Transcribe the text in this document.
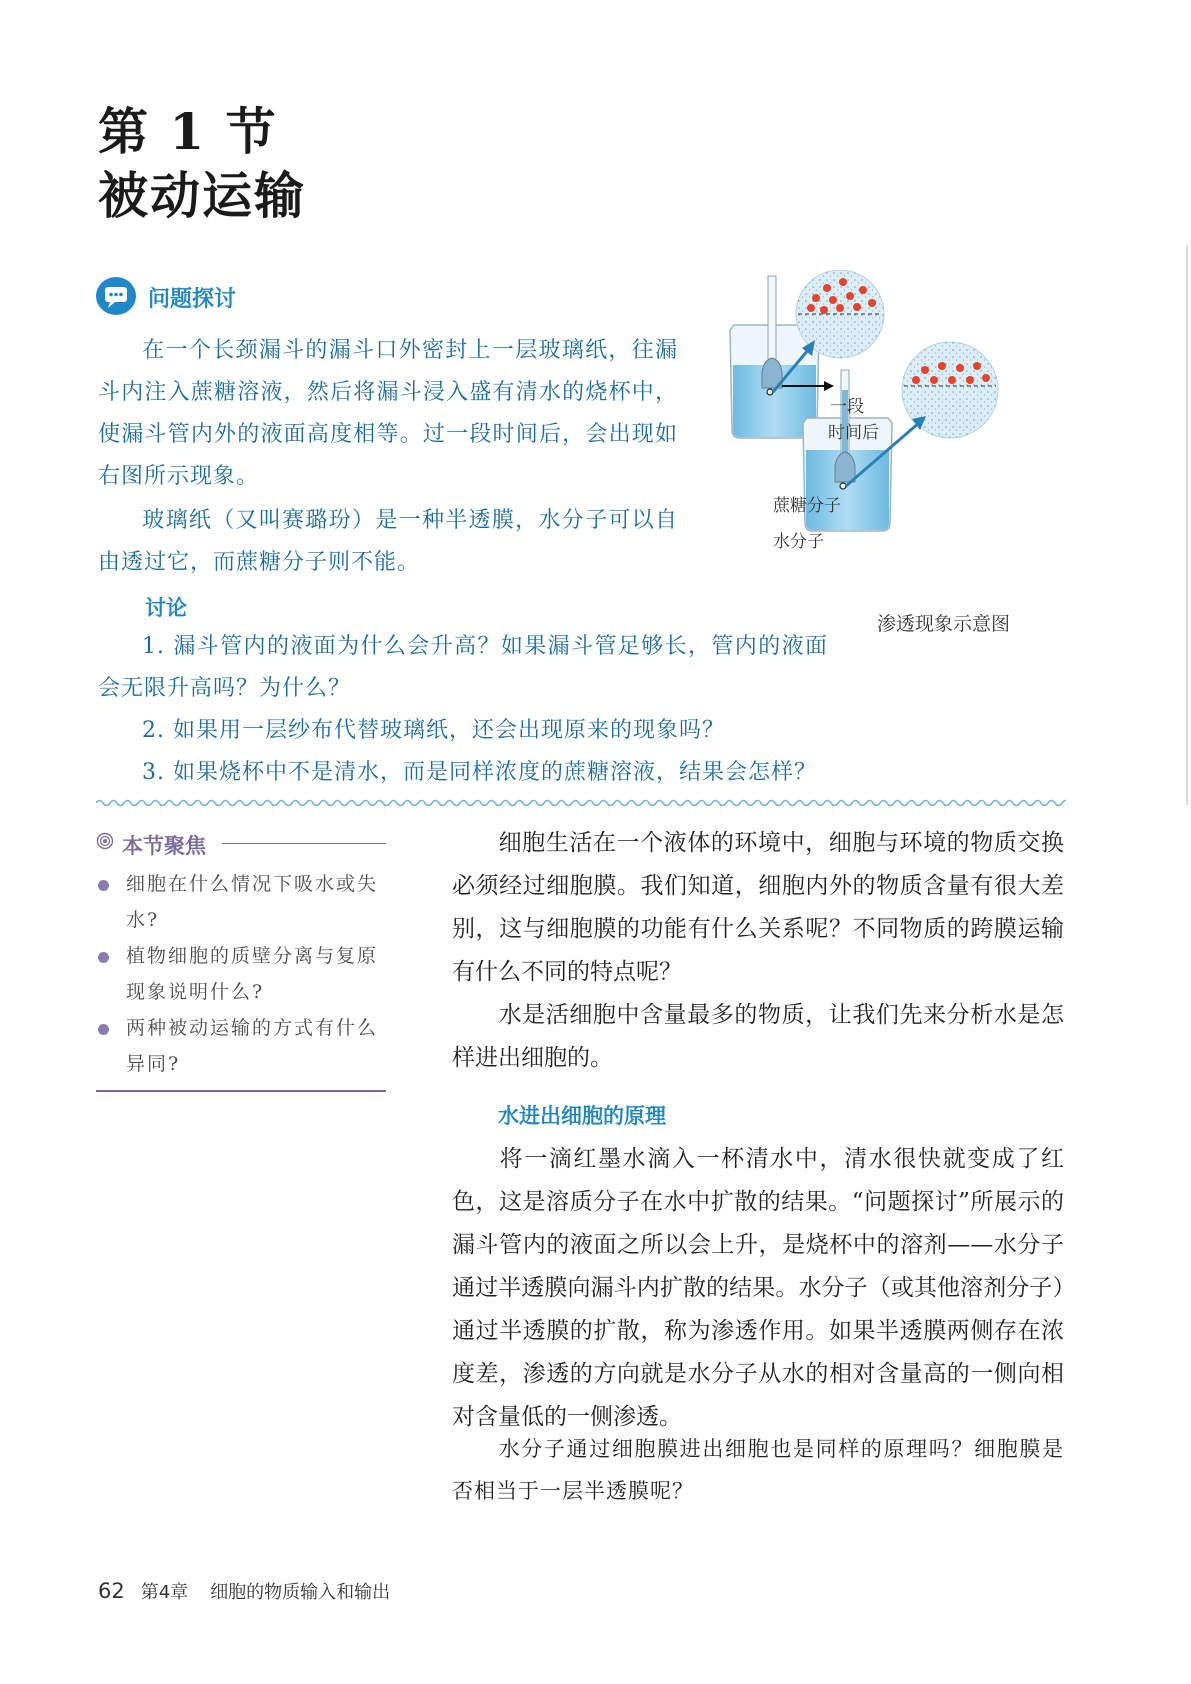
第 1 节
被动运输
问题探讨
在一个长颈漏斗的漏斗口外密封上一层玻璃纸，往漏斗内注入蔗糖溶液，然后将漏斗浸入盛有清水的烧杯中，使漏斗管内外的液面高度相等。过一段时间后，会出现如右图所示现象。
玻璃纸（又叫赛璐玢）是一种半透膜，水分子可以自由透过它，而蔗糖分子则不能。
讨论
1. 漏斗管内的液面为什么会升高？如果漏斗管足够长，管内的液面会无限升高吗？为什么？
2. 如果用一层纱布代替玻璃纸，还会出现原来的现象吗？
3. 如果烧杯中不是清水，而是同样浓度的蔗糖溶液，结果会怎样？
一段
时间后
蔗糖分子
水分子
渗透现象示意图
本节聚焦
细胞在什么情况下吸水或失水?
植物细胞的质壁分离与复原现象说明什么?
两种被动运输的方式有什么异同?
细胞生活在一个液体的环境中，细胞与环境的物质交换必须经过细胞膜。我们知道，细胞内外的物质含量有很大差别，这与细胞膜的功能有什么关系呢？不同物质的跨膜运输有什么不同的特点呢？
水是活细胞中含量最多的物质，让我们先来分析水是怎样进出细胞的。
水进出细胞的原理
将一滴红墨水滴入一杯清水中，清水很快就变成了红色，这是溶质分子在水中扩散的结果。“问题探讨”所展示的漏斗管内的液面之所以会上升，是烧杯中的溶剂——水分子通过半透膜向漏斗内扩散的结果。水分子（或其他溶剂分子）通过半透膜的扩散，称为渗透作用。如果半透膜两侧存在浓度差，渗透的方向就是水分子从水的相对含量高的一侧向相对含量低的一侧渗透。
水分子通过细胞膜进出细胞也是同样的原理吗？细胞膜是否相当于一层半透膜呢？
62 第4章 细胞的物质输入和输出
